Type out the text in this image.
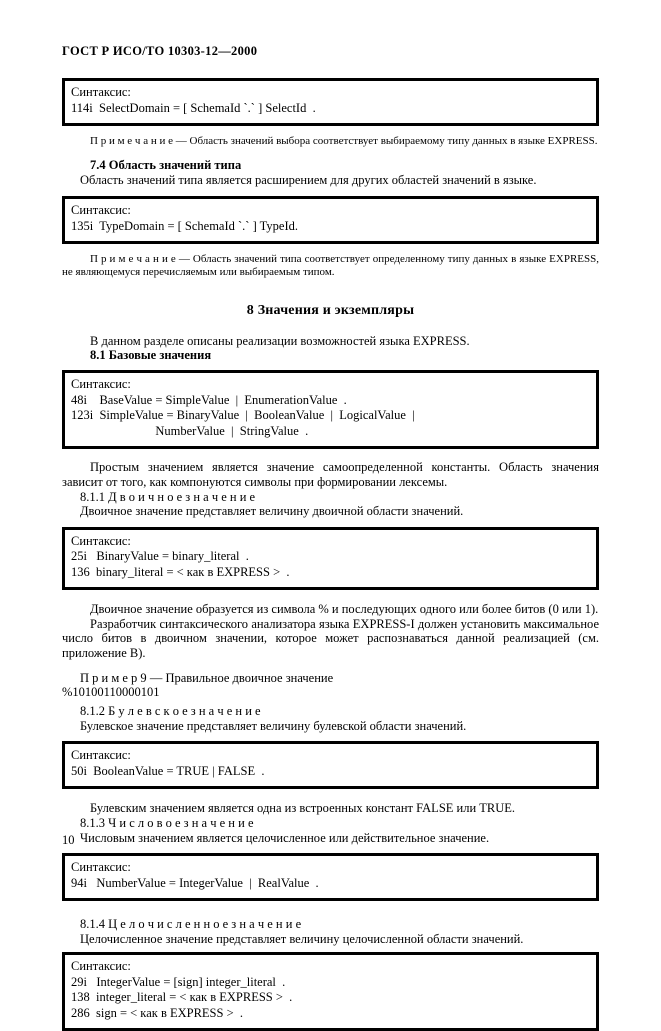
ГОСТ Р ИСО/ТО 10303-12—2000
Синтаксис:
114i  SelectDomain = [ SchemaId `.` ] SelectId  .

П р и м е ч а н и е — Область значений выбора соответствует выбираемому типу данных в языке EXPRESS.

7.4 Область значений типа

Область значений типа является расширением для других областей значений в языке.

Синтаксис:
135i  TypeDomain = [ SchemaId `.` ] TypeId.

П р и м е ч а н и е — Область значений типа соответствует определенному типу данных в языке EXPRESS, не являющемуся перечисляемым или выбираемым типом.

8 Значения и экземпляры

В данном разделе описаны реализации возможностей языка EXPRESS.

8.1 Базовые значения

Синтаксис:
48i    BaseValue = SimpleValue  |  EnumerationValue  .
123i  SimpleValue = BinaryValue  |  BooleanValue  |  LogicalValue  |
NumberValue  |  StringValue  .

Простым значением является значение самоопределенной константы. Область значения зависит от того, как компонуются символы при формировании лексемы.

8.1.1 Д в о и ч н о е з н а ч е н и е

Двоичное значение представляет величину двоичной области значений.

Синтаксис:
25i   BinaryValue = binary_literal  .
136  binary_literal = < как в EXPRESS >  .

Двоичное значение образуется из символа % и последующих одного или более битов (0 или 1).

Разработчик синтаксического анализатора языка EXPRESS-I должен установить максимальное число битов в двоичном значении, которое может распознаваться данной реализацией (см. приложение В).

П р и м е р 9 — Правильное двоичное значение

%10100110000101

8.1.2 Б у л е в с к о е з н а ч е н и е

Булевское значение представляет величину булевской области значений.

Синтаксис:
50i  BooleanValue = TRUE | FALSE  .

Булевским значением является одна из встроенных констант FALSE или TRUE.

8.1.3 Ч и с л о в о е з н а ч е н и е

Числовым значением является целочисленное или действительное значение.

Синтаксис:
94i   NumberValue = IntegerValue  |  RealValue  .

8.1.4 Ц е л о ч и с л е н н о е з н а ч е н и е

Целочисленное значение представляет величину целочисленной области значений.

Синтаксис:
29i   IntegerValue = [sign] integer_literal  .
138  integer_literal = < как в EXPRESS >  .
286  sign = < как в EXPRESS >  .
10
